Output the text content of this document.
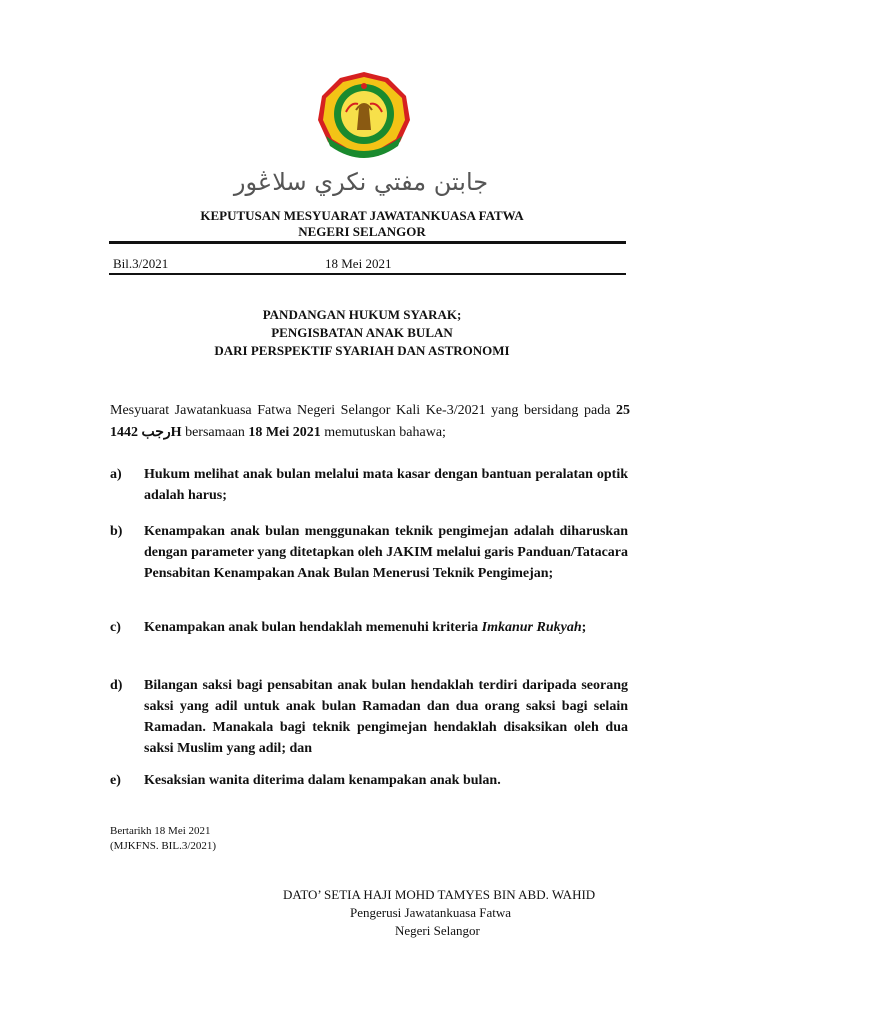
جابتن مفتي نكري سلاڠور
KEPUTUSAN MESYUARAT JAWATANKUASA FATWA
NEGERI SELANGOR
Bil.3/2021	18 Mei 2021
PANDANGAN HUKUM SYARAK;
PENGISBATAN ANAK BULAN
DARI PERSPEKTIF SYARIAH DAN ASTRONOMI
Mesyuarat Jawatankuasa Fatwa Negeri Selangor Kali Ke-3/2021 yang bersidang pada 25 رجب 1442H bersamaan 18 Mei 2021 memutuskan bahawa;
a)	Hukum melihat anak bulan melalui mata kasar dengan bantuan peralatan optik adalah harus;
b)	Kenampakan anak bulan menggunakan teknik pengimejan adalah diharuskan dengan parameter yang ditetapkan oleh JAKIM melalui garis Panduan/Tatacara Pensabitan Kenampakan Anak Bulan Menerusi Teknik Pengimejan;
c)	Kenampakan anak bulan hendaklah memenuhi kriteria Imkanur Rukyah;
d)	Bilangan saksi bagi pensabitan anak bulan hendaklah terdiri daripada seorang saksi yang adil untuk anak bulan Ramadan dan dua orang saksi bagi selain Ramadan. Manakala bagi teknik pengimejan hendaklah disaksikan oleh dua saksi Muslim yang adil; dan
e)	Kesaksian wanita diterima dalam kenampakan anak bulan.
Bertarikh 18 Mei 2021
(MJKFNS. BIL.3/2021)
DATO’ SETIA HAJI MOHD TAMYES BIN ABD. WAHID
Pengerusi Jawatankuasa Fatwa
Negeri Selangor
